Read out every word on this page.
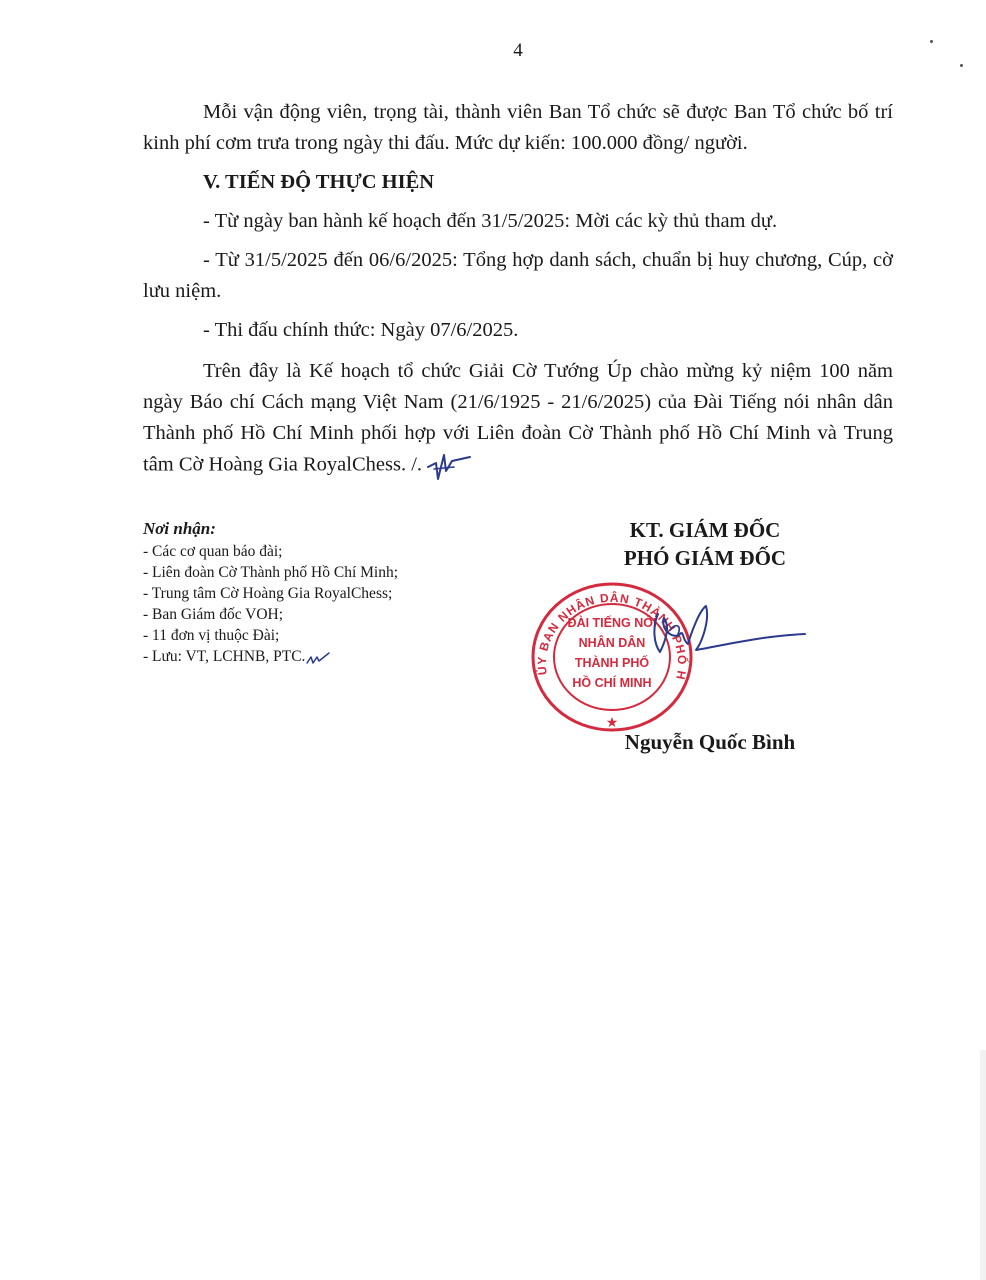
4

Mỗi vận động viên, trọng tài, thành viên Ban Tổ chức sẽ được Ban Tổ chức bố trí kinh phí cơm trưa trong ngày thi đấu. Mức dự kiến: 100.000 đồng/ người.

V. TIẾN ĐỘ THỰC HIỆN

- Từ ngày ban hành kế hoạch đến 31/5/2025: Mời các kỳ thủ tham dự.

- Từ 31/5/2025 đến 06/6/2025: Tổng hợp danh sách, chuẩn bị huy chương, Cúp, cờ lưu niệm.

- Thi đấu chính thức: Ngày 07/6/2025.

Trên đây là Kế hoạch tổ chức Giải Cờ Tướng Úp chào mừng kỷ niệm 100 năm ngày Báo chí Cách mạng Việt Nam (21/6/1925 - 21/6/2025) của Đài Tiếng nói nhân dân Thành phố Hồ Chí Minh phối hợp với Liên đoàn Cờ Thành phố Hồ Chí Minh và Trung tâm Cờ Hoàng Gia RoyalChess. /.

Nơi nhận:
- Các cơ quan báo đài;
- Liên đoàn Cờ Thành phố Hồ Chí Minh;
- Trung tâm Cờ Hoàng Gia RoyalChess;
- Ban Giám đốc VOH;
- 11 đơn vị thuộc Đài;
- Lưu: VT, LCHNB, PTC.
KT. GIÁM ĐỐC
PHÓ GIÁM ĐỐC
ỦY BAN NHÂN DÂN THÀNH PHỐ H
★
ĐÀI TIẾNG NÓI
NHÂN DÂN
THÀNH PHỐ
HỒ CHÍ MINH
Nguyễn Quốc Bình
